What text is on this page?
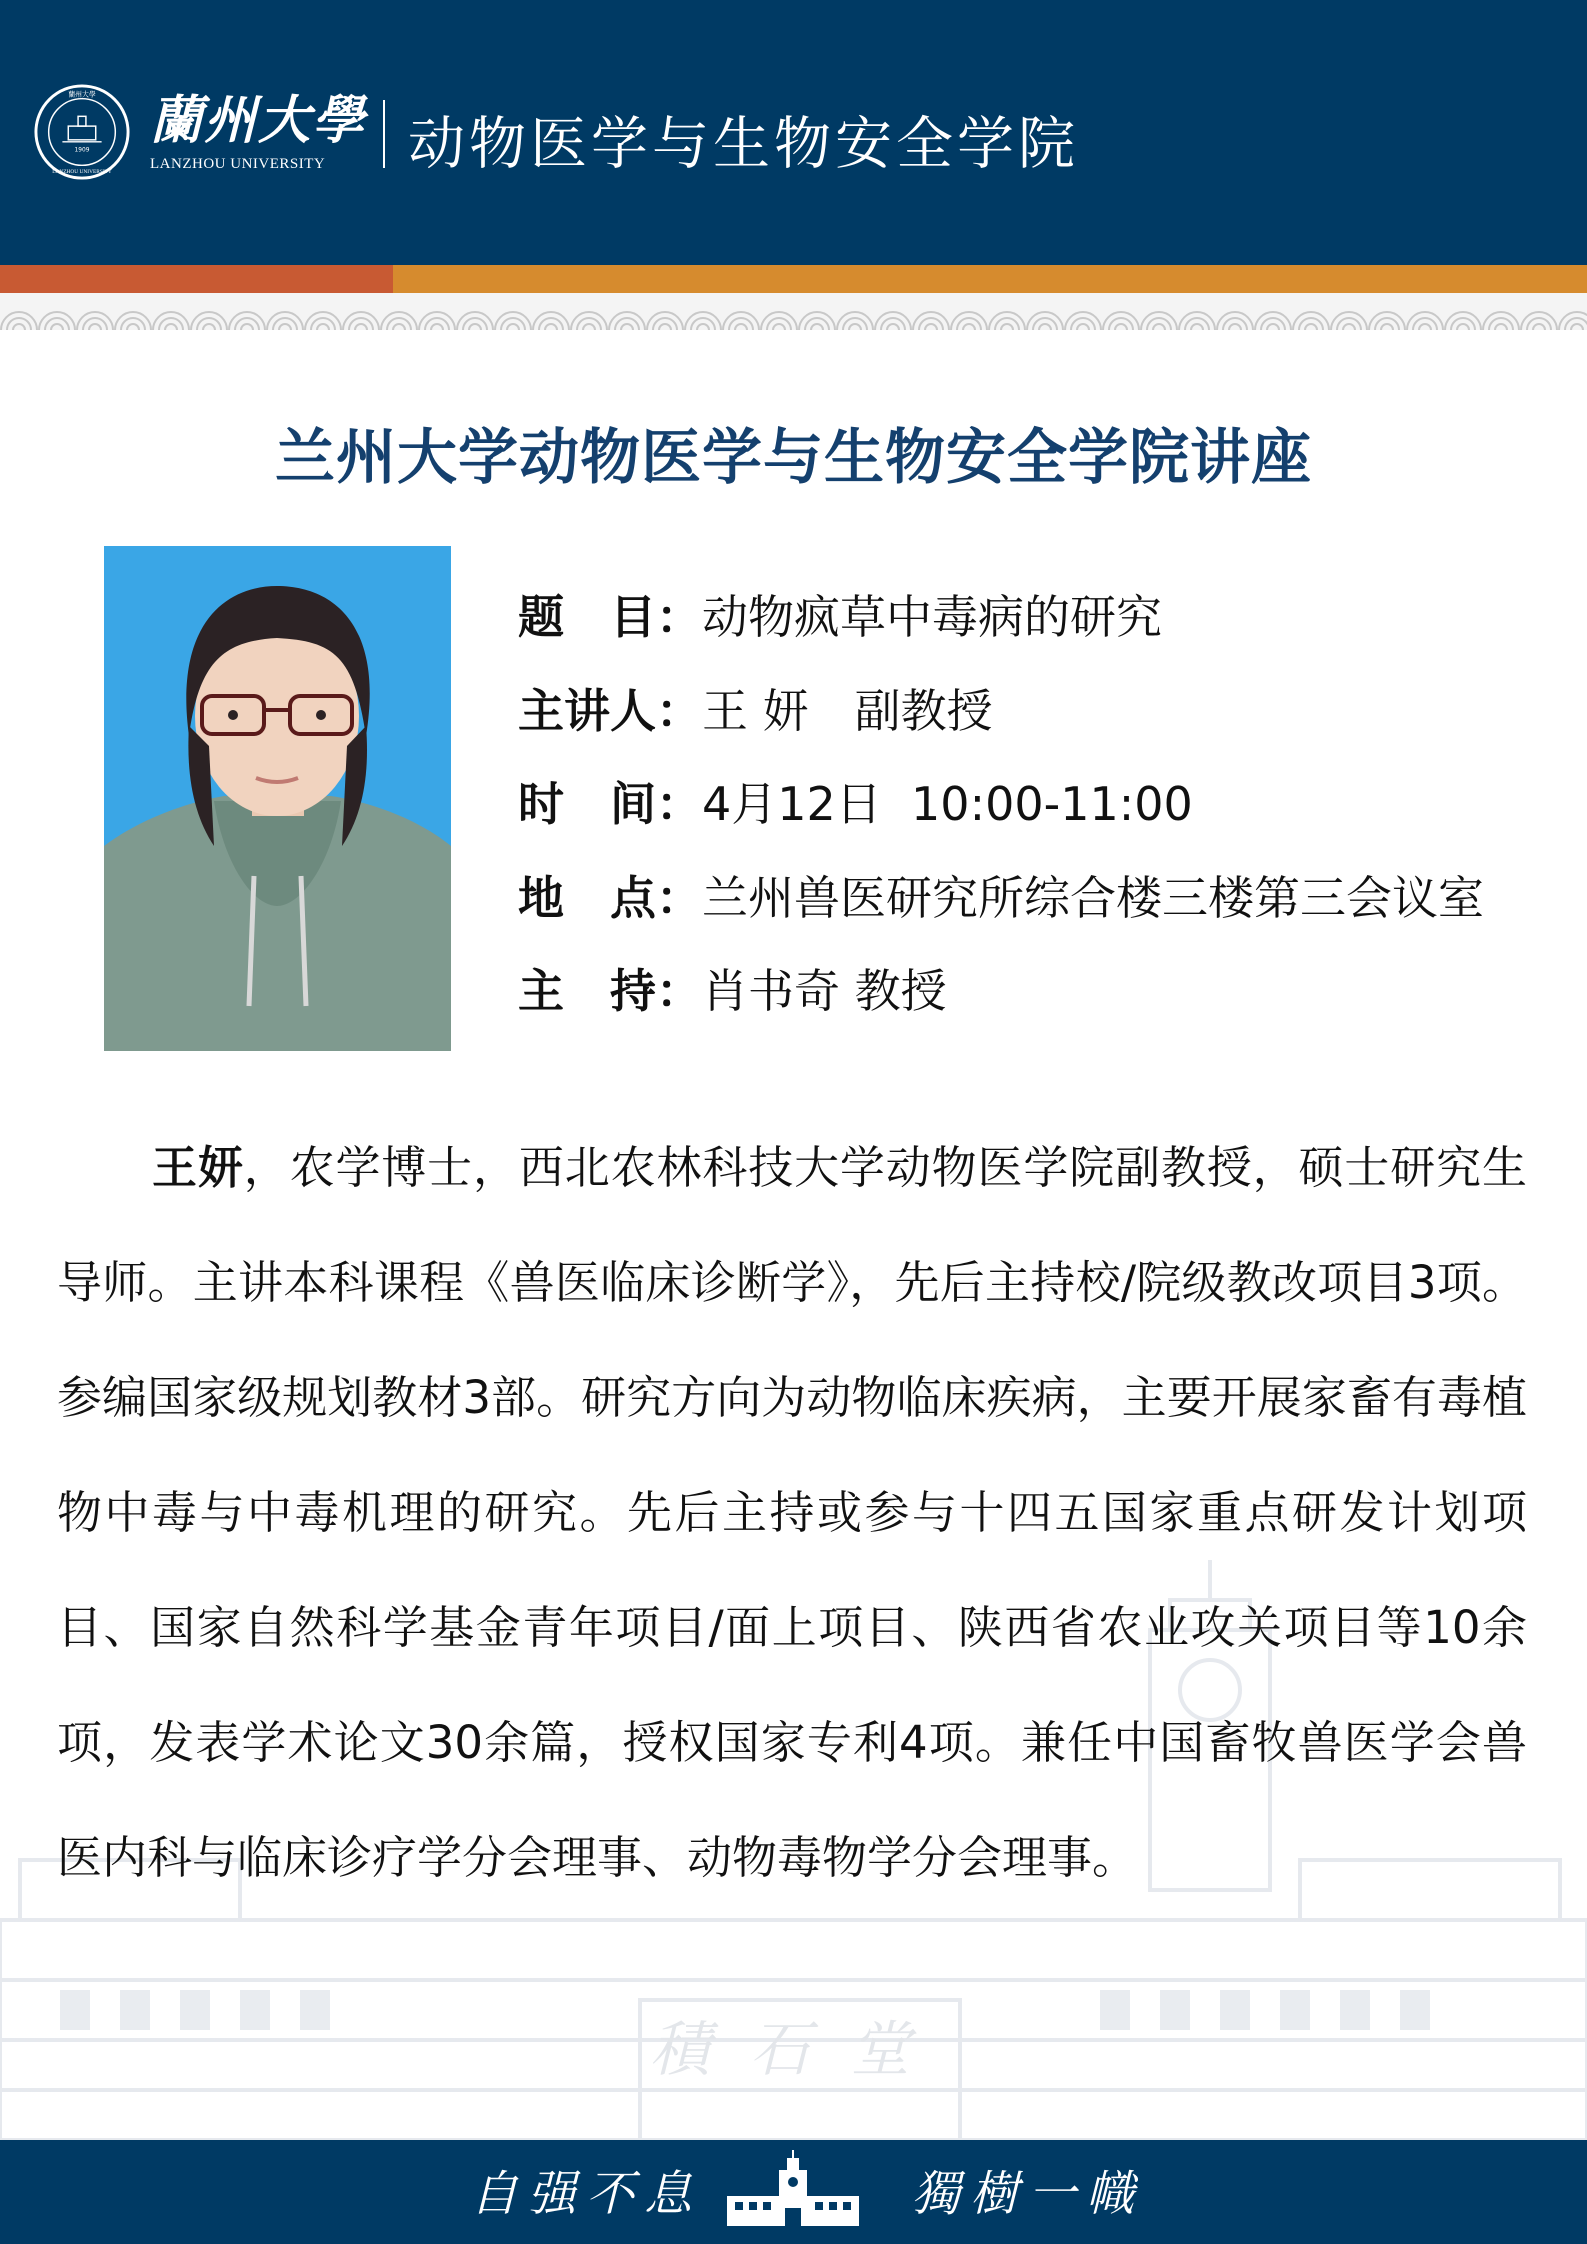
蘭州大學
1909
LANZHOU UNIVERSITY
蘭州大學
LANZHOU UNIVERSITY	动物医学与生物安全学院
積石堂
兰州大学动物医学与生物安全学院讲座
题　目：动物疯草中毒病的研究
主讲人：王 妍　副教授
时　间：4月12日  10:00-11:00
地　点：兰州兽医研究所综合楼三楼第三会议室
主　持：肖书奇 教授
王妍，农学博士，西北农林科技大学动物医学院副教授，硕士研究生导师。主讲本科课程《兽医临床诊断学》，先后主持校/院级教改项目3项。参编国家级规划教材3部。研究方向为动物临床疾病，主要开展家畜有毒植物中毒与中毒机理的研究。先后主持或参与十四五国家重点研发计划项目、国家自然科学基金青年项目/面上项目、陕西省农业攻关项目等10余项，发表学术论文30余篇，授权国家专利4项。兼任中国畜牧兽医学会兽医内科与临床诊疗学分会理事、动物毒物学分会理事。
自强不息	獨樹一幟
